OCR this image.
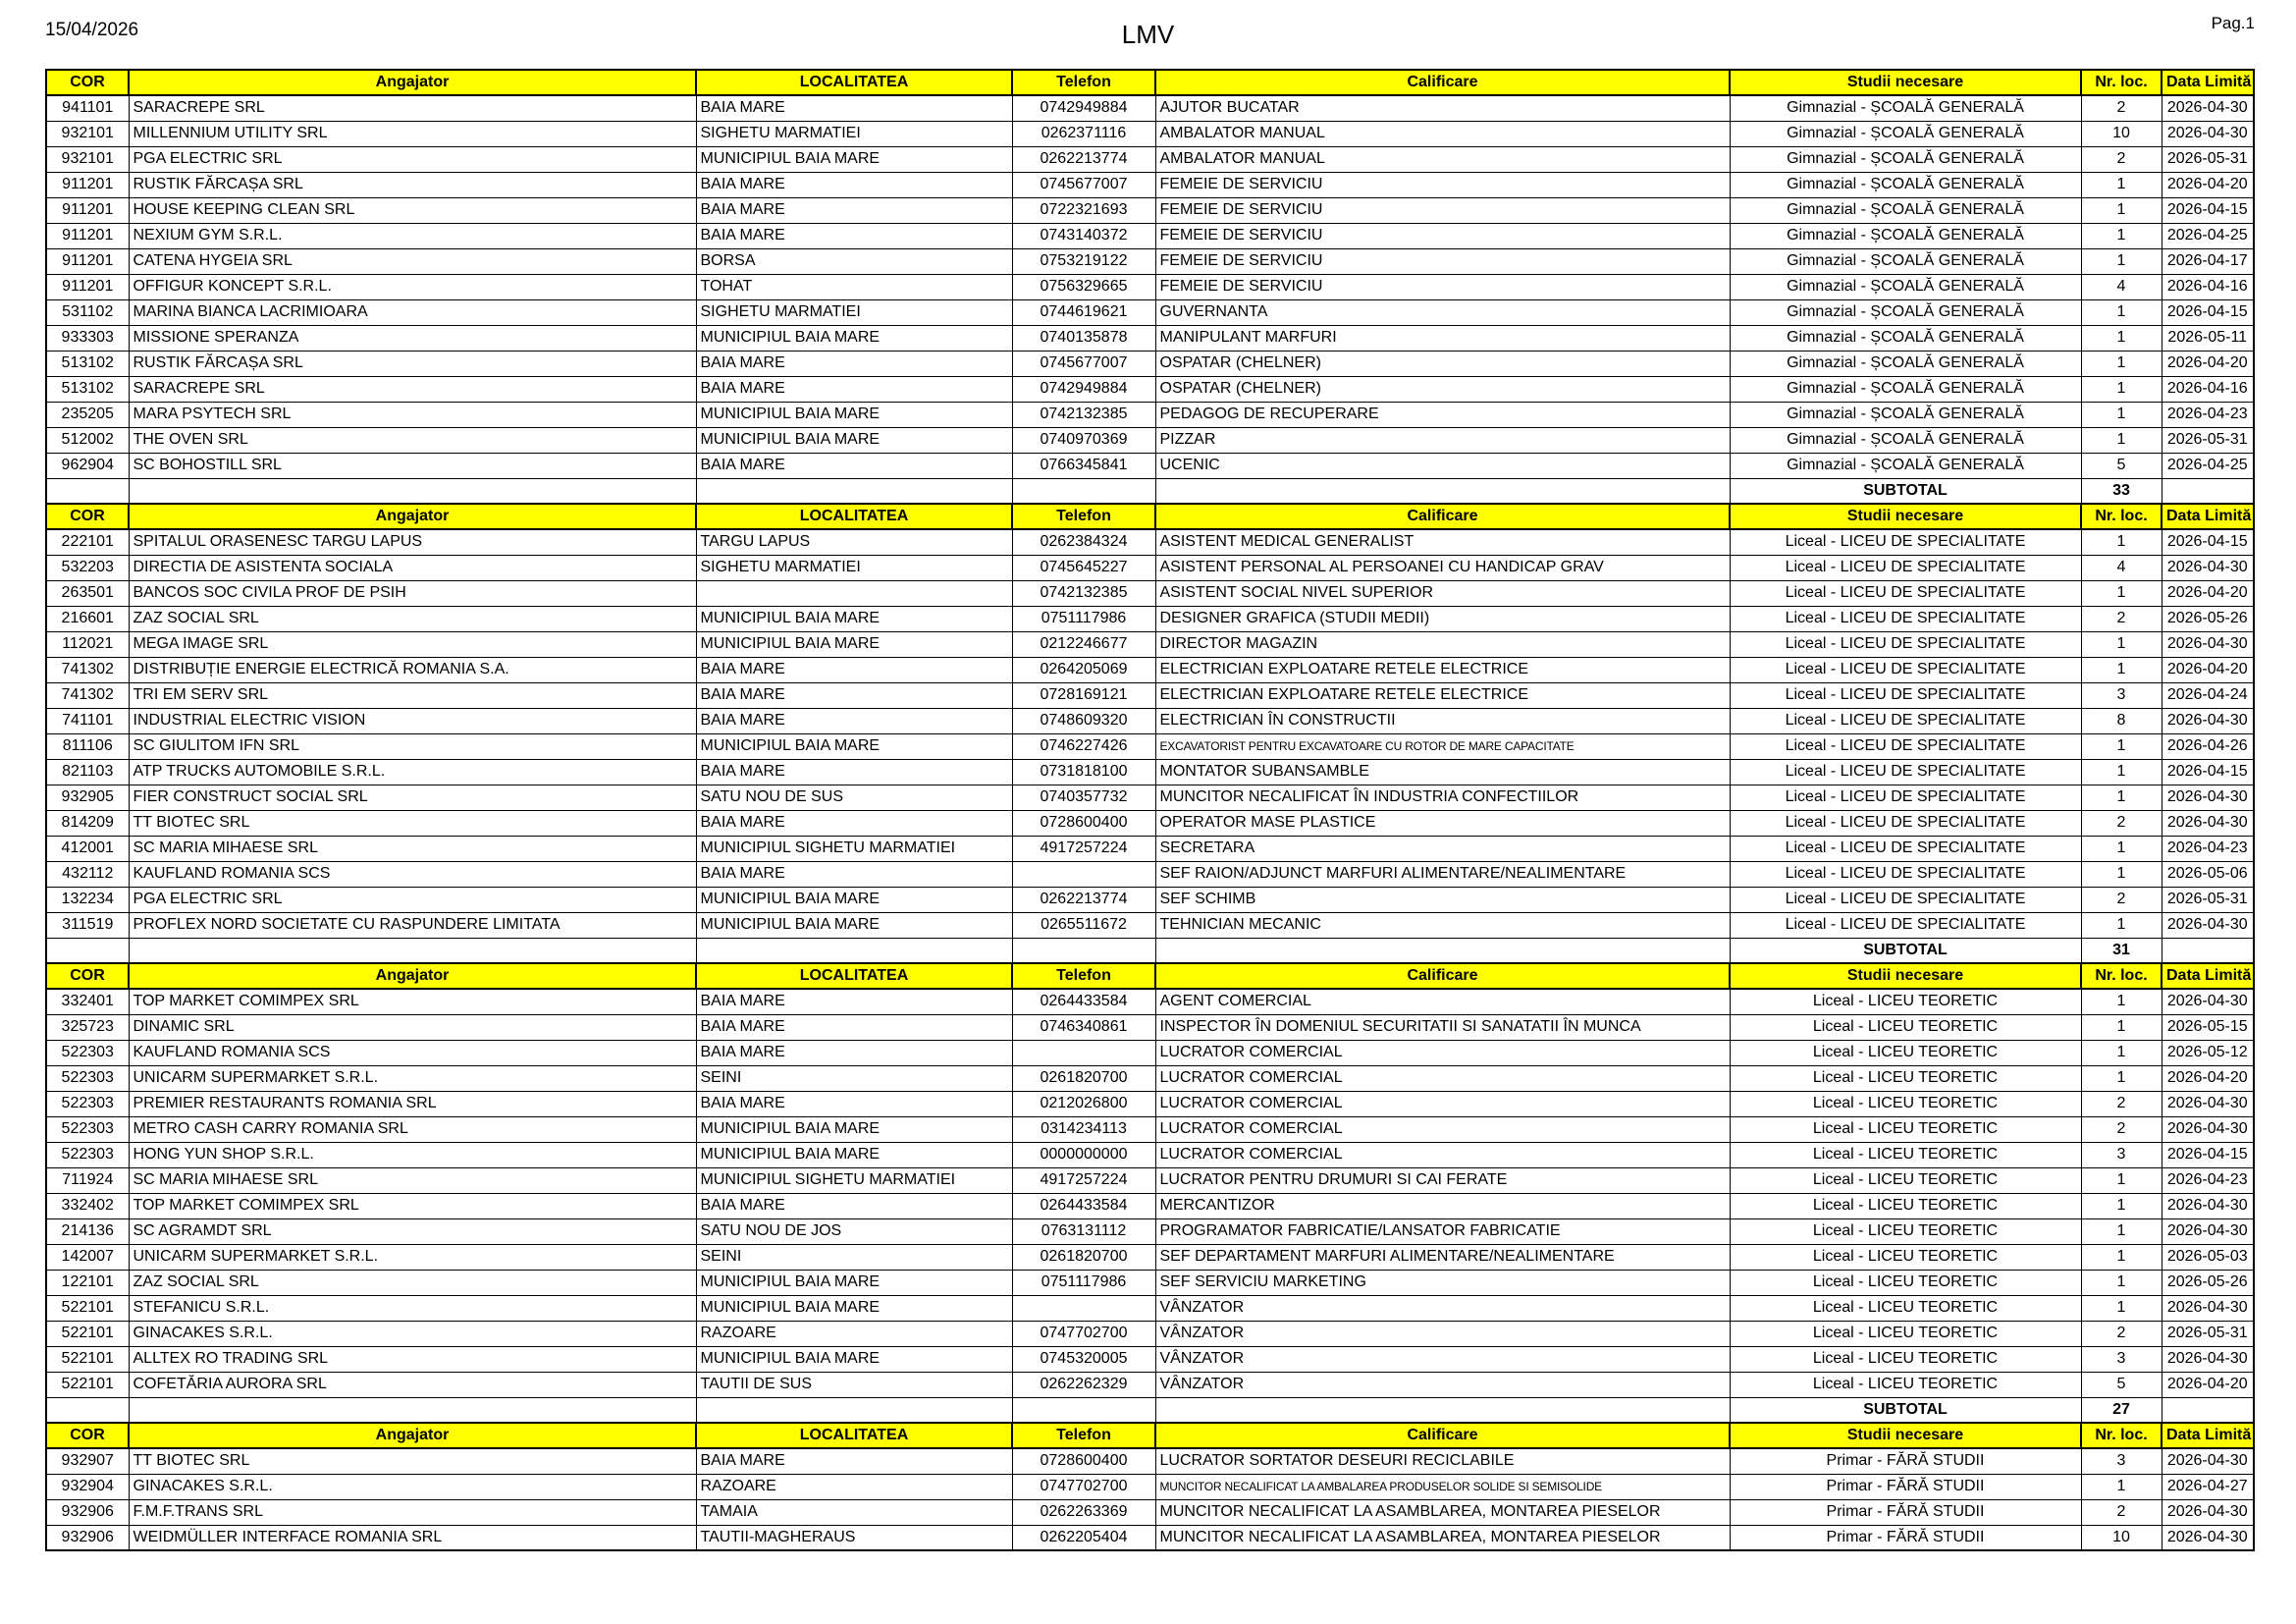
15/04/2026	LMV	Pag.1
COR	Angajator	LOCALITATEA	Telefon	Calificare	Studii necesare	Nr. loc.	Data Limită
941101	SARACREPE SRL	BAIA MARE	0742949884	AJUTOR BUCATAR	Gimnazial - ȘCOALĂ GENERALĂ	2	2026-04-30
932101	MILLENNIUM UTILITY SRL	SIGHETU MARMATIEI	0262371116	AMBALATOR MANUAL	Gimnazial - ȘCOALĂ GENERALĂ	10	2026-04-30
932101	PGA ELECTRIC SRL	MUNICIPIUL BAIA MARE	0262213774	AMBALATOR MANUAL	Gimnazial - ȘCOALĂ GENERALĂ	2	2026-05-31
911201	RUSTIK FĂRCAȘA SRL	BAIA MARE	0745677007	FEMEIE DE SERVICIU	Gimnazial - ȘCOALĂ GENERALĂ	1	2026-04-20
911201	HOUSE KEEPING CLEAN SRL	BAIA MARE	0722321693	FEMEIE DE SERVICIU	Gimnazial - ȘCOALĂ GENERALĂ	1	2026-04-15
911201	NEXIUM GYM S.R.L.	BAIA MARE	0743140372	FEMEIE DE SERVICIU	Gimnazial - ȘCOALĂ GENERALĂ	1	2026-04-25
911201	CATENA HYGEIA SRL	BORSA	0753219122	FEMEIE DE SERVICIU	Gimnazial - ȘCOALĂ GENERALĂ	1	2026-04-17
911201	OFFIGUR KONCEPT S.R.L.	TOHAT	0756329665	FEMEIE DE SERVICIU	Gimnazial - ȘCOALĂ GENERALĂ	4	2026-04-16
531102	MARINA BIANCA LACRIMIOARA	SIGHETU MARMATIEI	0744619621	GUVERNANTA	Gimnazial - ȘCOALĂ GENERALĂ	1	2026-04-15
933303	MISSIONE SPERANZA	MUNICIPIUL BAIA MARE	0740135878	MANIPULANT MARFURI	Gimnazial - ȘCOALĂ GENERALĂ	1	2026-05-11
513102	RUSTIK FĂRCAȘA SRL	BAIA MARE	0745677007	OSPATAR (CHELNER)	Gimnazial - ȘCOALĂ GENERALĂ	1	2026-04-20
513102	SARACREPE SRL	BAIA MARE	0742949884	OSPATAR (CHELNER)	Gimnazial - ȘCOALĂ GENERALĂ	1	2026-04-16
235205	MARA PSYTECH SRL	MUNICIPIUL BAIA MARE	0742132385	PEDAGOG DE RECUPERARE	Gimnazial - ȘCOALĂ GENERALĂ	1	2026-04-23
512002	THE OVEN SRL	MUNICIPIUL BAIA MARE	0740970369	PIZZAR	Gimnazial - ȘCOALĂ GENERALĂ	1	2026-05-31
962904	SC BOHOSTILL SRL	BAIA MARE	0766345841	UCENIC	Gimnazial - ȘCOALĂ GENERALĂ	5	2026-04-25
					SUBTOTAL	33	
COR	Angajator	LOCALITATEA	Telefon	Calificare	Studii necesare	Nr. loc.	Data Limită
222101	SPITALUL ORASENESC TARGU LAPUS	TARGU LAPUS	0262384324	ASISTENT MEDICAL GENERALIST	Liceal - LICEU DE SPECIALITATE	1	2026-04-15
532203	DIRECTIA DE ASISTENTA SOCIALA	SIGHETU MARMATIEI	0745645227	ASISTENT PERSONAL AL PERSOANEI CU HANDICAP GRAV	Liceal - LICEU DE SPECIALITATE	4	2026-04-30
263501	BANCOS SOC CIVILA PROF DE PSIH		0742132385	ASISTENT SOCIAL NIVEL SUPERIOR	Liceal - LICEU DE SPECIALITATE	1	2026-04-20
216601	ZAZ SOCIAL SRL	MUNICIPIUL BAIA MARE	0751117986	DESIGNER GRAFICA (STUDII MEDII)	Liceal - LICEU DE SPECIALITATE	2	2026-05-26
112021	MEGA IMAGE SRL	MUNICIPIUL BAIA MARE	0212246677	DIRECTOR MAGAZIN	Liceal - LICEU DE SPECIALITATE	1	2026-04-30
741302	DISTRIBUȚIE ENERGIE ELECTRICĂ ROMANIA S.A.	BAIA MARE	0264205069	ELECTRICIAN EXPLOATARE RETELE ELECTRICE	Liceal - LICEU DE SPECIALITATE	1	2026-04-20
741302	TRI EM SERV SRL	BAIA MARE	0728169121	ELECTRICIAN EXPLOATARE RETELE ELECTRICE	Liceal - LICEU DE SPECIALITATE	3	2026-04-24
741101	INDUSTRIAL ELECTRIC VISION	BAIA MARE	0748609320	ELECTRICIAN ÎN CONSTRUCTII	Liceal - LICEU DE SPECIALITATE	8	2026-04-30
811106	SC GIULITOM IFN SRL	MUNICIPIUL BAIA MARE	0746227426	EXCAVATORIST PENTRU EXCAVATOARE CU ROTOR DE MARE CAPACITATE	Liceal - LICEU DE SPECIALITATE	1	2026-04-26
821103	ATP TRUCKS AUTOMOBILE S.R.L.	BAIA MARE	0731818100	MONTATOR SUBANSAMBLE	Liceal - LICEU DE SPECIALITATE	1	2026-04-15
932905	FIER CONSTRUCT SOCIAL SRL	SATU NOU DE SUS	0740357732	MUNCITOR NECALIFICAT ÎN INDUSTRIA CONFECTIILOR	Liceal - LICEU DE SPECIALITATE	1	2026-04-30
814209	TT BIOTEC SRL	BAIA MARE	0728600400	OPERATOR MASE PLASTICE	Liceal - LICEU DE SPECIALITATE	2	2026-04-30
412001	SC MARIA MIHAESE SRL	MUNICIPIUL SIGHETU MARMATIEI	4917257224	SECRETARA	Liceal - LICEU DE SPECIALITATE	1	2026-04-23
432112	KAUFLAND ROMANIA SCS	BAIA MARE		SEF RAION/ADJUNCT MARFURI ALIMENTARE/NEALIMENTARE	Liceal - LICEU DE SPECIALITATE	1	2026-05-06
132234	PGA ELECTRIC SRL	MUNICIPIUL BAIA MARE	0262213774	SEF SCHIMB	Liceal - LICEU DE SPECIALITATE	2	2026-05-31
311519	PROFLEX NORD SOCIETATE CU RASPUNDERE LIMITATA	MUNICIPIUL BAIA MARE	0265511672	TEHNICIAN MECANIC	Liceal - LICEU DE SPECIALITATE	1	2026-04-30
					SUBTOTAL	31	
COR	Angajator	LOCALITATEA	Telefon	Calificare	Studii necesare	Nr. loc.	Data Limită
332401	TOP MARKET COMIMPEX SRL	BAIA MARE	0264433584	AGENT COMERCIAL	Liceal - LICEU TEORETIC	1	2026-04-30
325723	DINAMIC SRL	BAIA MARE	0746340861	INSPECTOR ÎN DOMENIUL SECURITATII SI SANATATII ÎN MUNCA	Liceal - LICEU TEORETIC	1	2026-05-15
522303	KAUFLAND ROMANIA SCS	BAIA MARE		LUCRATOR COMERCIAL	Liceal - LICEU TEORETIC	1	2026-05-12
522303	UNICARM SUPERMARKET S.R.L.	SEINI	0261820700	LUCRATOR COMERCIAL	Liceal - LICEU TEORETIC	1	2026-04-20
522303	PREMIER RESTAURANTS ROMANIA SRL	BAIA MARE	0212026800	LUCRATOR COMERCIAL	Liceal - LICEU TEORETIC	2	2026-04-30
522303	METRO CASH CARRY ROMANIA SRL	MUNICIPIUL BAIA MARE	0314234113	LUCRATOR COMERCIAL	Liceal - LICEU TEORETIC	2	2026-04-30
522303	HONG YUN SHOP S.R.L.	MUNICIPIUL BAIA MARE	0000000000	LUCRATOR COMERCIAL	Liceal - LICEU TEORETIC	3	2026-04-15
711924	SC MARIA MIHAESE SRL	MUNICIPIUL SIGHETU MARMATIEI	4917257224	LUCRATOR PENTRU DRUMURI SI CAI FERATE	Liceal - LICEU TEORETIC	1	2026-04-23
332402	TOP MARKET COMIMPEX SRL	BAIA MARE	0264433584	MERCANTIZOR	Liceal - LICEU TEORETIC	1	2026-04-30
214136	SC AGRAMDT SRL	SATU NOU DE JOS	0763131112	PROGRAMATOR FABRICATIE/LANSATOR FABRICATIE	Liceal - LICEU TEORETIC	1	2026-04-30
142007	UNICARM SUPERMARKET S.R.L.	SEINI	0261820700	SEF DEPARTAMENT MARFURI ALIMENTARE/NEALIMENTARE	Liceal - LICEU TEORETIC	1	2026-05-03
122101	ZAZ SOCIAL SRL	MUNICIPIUL BAIA MARE	0751117986	SEF SERVICIU MARKETING	Liceal - LICEU TEORETIC	1	2026-05-26
522101	STEFANICU S.R.L.	MUNICIPIUL BAIA MARE		VÂNZATOR	Liceal - LICEU TEORETIC	1	2026-04-30
522101	GINACAKES S.R.L.	RAZOARE	0747702700	VÂNZATOR	Liceal - LICEU TEORETIC	2	2026-05-31
522101	ALLTEX RO TRADING SRL	MUNICIPIUL BAIA MARE	0745320005	VÂNZATOR	Liceal - LICEU TEORETIC	3	2026-04-30
522101	COFETĂRIA AURORA SRL	TAUTII DE SUS	0262262329	VÂNZATOR	Liceal - LICEU TEORETIC	5	2026-04-20
					SUBTOTAL	27	
COR	Angajator	LOCALITATEA	Telefon	Calificare	Studii necesare	Nr. loc.	Data Limită
932907	TT BIOTEC SRL	BAIA MARE	0728600400	LUCRATOR SORTATOR DESEURI RECICLABILE	Primar - FĂRĂ STUDII	3	2026-04-30
932904	GINACAKES S.R.L.	RAZOARE	0747702700	MUNCITOR NECALIFICAT LA AMBALAREA PRODUSELOR SOLIDE SI SEMISOLIDE	Primar - FĂRĂ STUDII	1	2026-04-27
932906	F.M.F.TRANS SRL	TAMAIA	0262263369	MUNCITOR NECALIFICAT LA ASAMBLAREA, MONTAREA PIESELOR	Primar - FĂRĂ STUDII	2	2026-04-30
932906	WEIDMÜLLER INTERFACE ROMANIA SRL	TAUTII-MAGHERAUS	0262205404	MUNCITOR NECALIFICAT LA ASAMBLAREA, MONTAREA PIESELOR	Primar - FĂRĂ STUDII	10	2026-04-30
